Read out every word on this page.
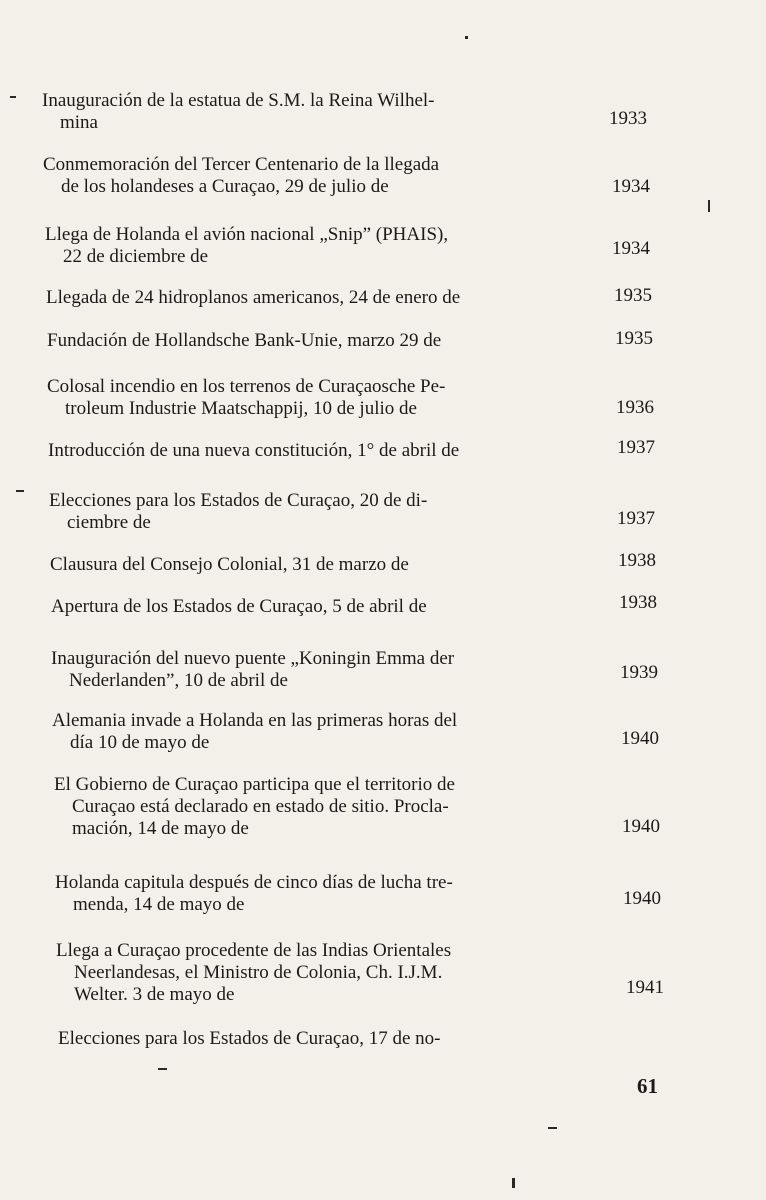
Inauguración de la estatua de S.M. la Reina Wilhel-
mina	1933
Conmemoración del Tercer Centenario de la llegada
de los holandeses a Curaçao, 29 de julio de	1934
Llega de Holanda el avión nacional „Snip” (PHAIS),
22 de diciembre de	1934
Llegada de 24 hidroplanos americanos, 24 de enero de	1935
Fundación de Hollandsche Bank-Unie, marzo 29 de	1935
Colosal incendio en los terrenos de Curaçaosche Pe-
troleum Industrie Maatschappij, 10 de julio de	1936
Introducción de una nueva constitución, 1° de abril de	1937
Elecciones para los Estados de Curaçao, 20 de di-
ciembre de	1937
Clausura del Consejo Colonial, 31 de marzo de	1938
Apertura de los Estados de Curaçao, 5 de abril de	1938
Inauguración del nuevo puente „Koningin Emma der
Nederlanden”, 10 de abril de	1939
Alemania invade a Holanda en las primeras horas del
día 10 de mayo de	1940
El Gobierno de Curaçao participa que el territorio de
Curaçao está declarado en estado de sitio. Procla-
mación, 14 de mayo de	1940
Holanda capitula después de cinco días de lucha tre-
menda, 14 de mayo de	1940
Llega a Curaçao procedente de las Indias Orientales
Neerlandesas, el Ministro de Colonia, Ch. I.J.M.
Welter. 3 de mayo de	1941
Elecciones para los Estados de Curaçao, 17 de no-
61
